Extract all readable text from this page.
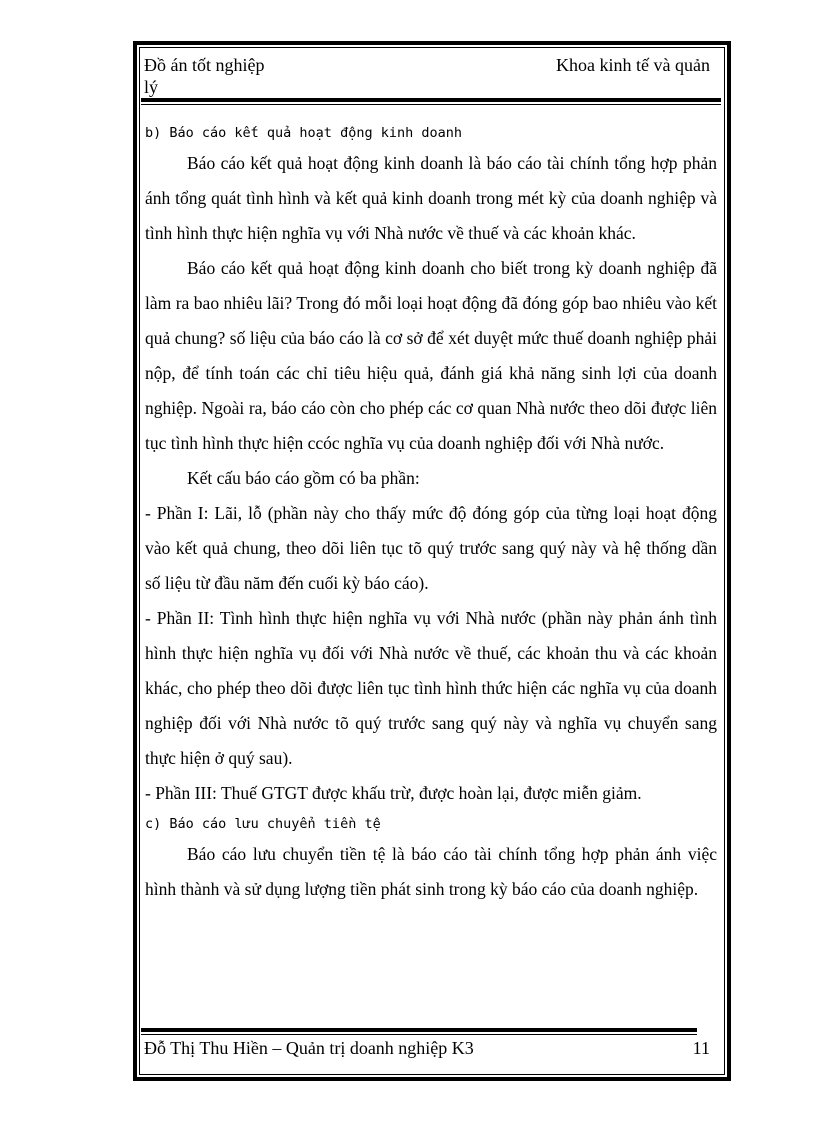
Đồ án tốt nghiệp
lý
Khoa kinh tế và quản

b) Báo cáo kết quả hoạt động kinh doanh

Báo cáo kết quả hoạt động kinh doanh là báo cáo tài chính tổng hợp phản ánh tổng quát tình hình và kết quả kinh doanh trong mét kỳ của doanh nghiệp và tình hình thực hiện nghĩa vụ với Nhà nước về thuế và các khoản khác.

Báo cáo kết quả hoạt động kinh doanh cho biết trong kỳ doanh nghiệp đã làm ra bao nhiêu lãi? Trong đó mỗi loại hoạt động đã đóng góp bao nhiêu vào kết quả chung? số liệu của báo cáo là cơ sở để xét duyệt mức thuế doanh nghiệp phải nộp, để tính toán các chỉ tiêu hiệu quả, đánh giá khả năng sinh lợi của doanh nghiệp. Ngoài ra, báo cáo còn cho phép các cơ quan Nhà nước theo dõi được liên tục tình hình thực hiện ccóc nghĩa vụ của doanh nghiệp đối với Nhà nước.

Kết cấu báo cáo gồm có ba phần:

- Phần I: Lãi, lỗ (phần này cho thấy mức độ đóng góp của từng loại hoạt động vào kết quả chung, theo dõi liên tục tõ quý trước sang quý này và hệ thống dần số liệu từ đầu năm đến cuối kỳ báo cáo).

- Phần II: Tình hình thực hiện nghĩa vụ với Nhà nước (phần này phản ánh tình hình thực hiện nghĩa vụ đối với Nhà nước về thuế, các khoản thu và các khoản khác, cho phép theo dõi được liên tục tình hình thức hiện các nghĩa vụ của doanh nghiệp đối với Nhà nước tõ quý trước sang quý này và nghĩa vụ chuyển sang thực hiện ở quý sau).

- Phần III: Thuế GTGT được khấu trừ, được hoàn lại, được miễn giảm.

c) Báo cáo lưu chuyển tiền tệ

Báo cáo lưu chuyển tiền tệ là báo cáo tài chính tổng hợp phản ánh việc hình thành và sử dụng lượng tiền phát sinh trong kỳ báo cáo của doanh nghiệp.

Đỗ Thị Thu Hiền – Quản trị doanh nghiệp K3	11
